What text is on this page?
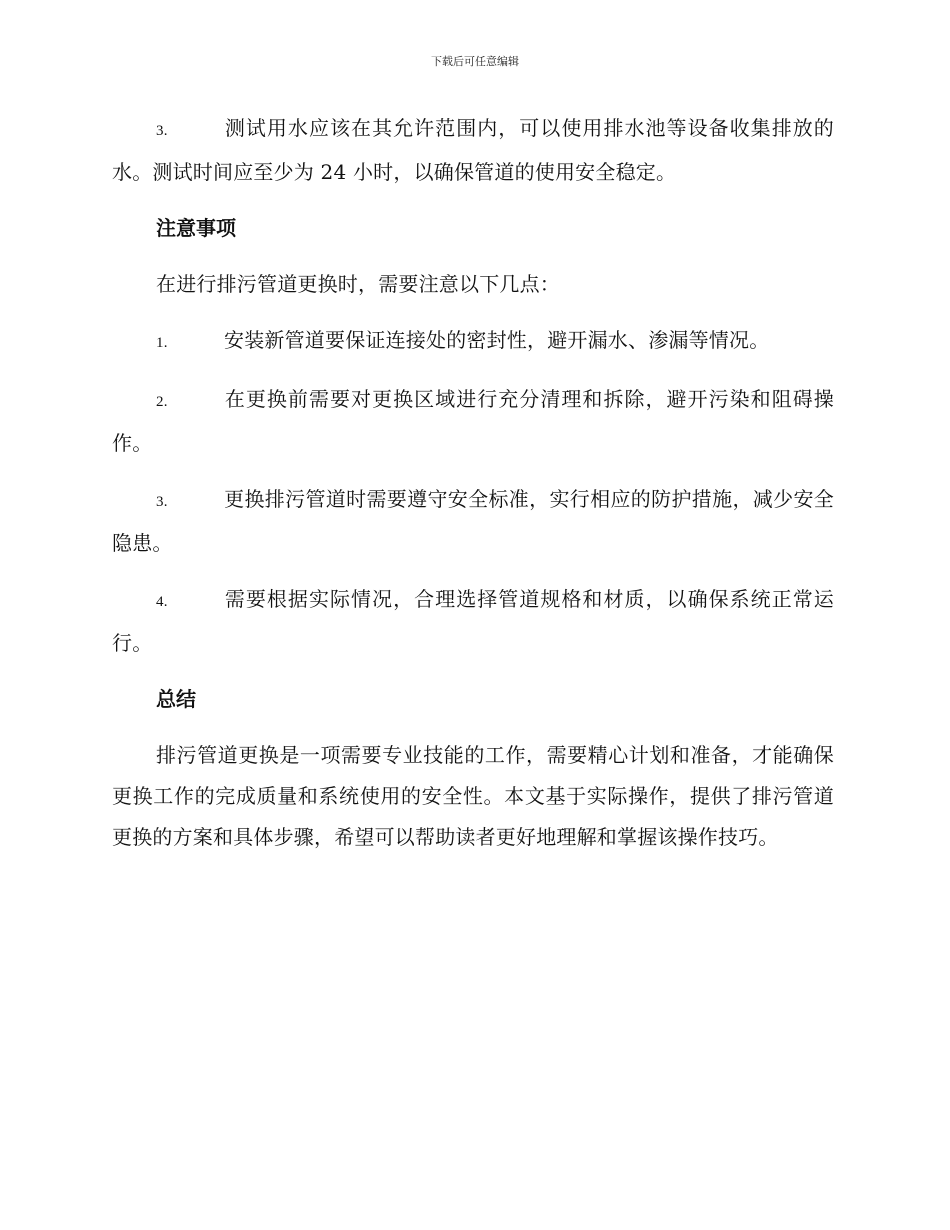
下载后可任意编辑

3.	测试用水应该在其允许范围内，可以使用排水池等设备收集排放的水。测试时间应至少为 24 小时，以确保管道的使用安全稳定。

注意事项

在进行排污管道更换时，需要注意以下几点：

1.	安装新管道要保证连接处的密封性，避开漏水、渗漏等情况。

2.	在更换前需要对更换区域进行充分清理和拆除，避开污染和阻碍操作。

3.	更换排污管道时需要遵守安全标准，实行相应的防护措施，减少安全隐患。

4.	需要根据实际情况，合理选择管道规格和材质，以确保系统正常运行。

总结

排污管道更换是一项需要专业技能的工作，需要精心计划和准备，才能确保更换工作的完成质量和系统使用的安全性。本文基于实际操作，提供了排污管道更换的方案和具体步骤，希望可以帮助读者更好地理解和掌握该操作技巧。
